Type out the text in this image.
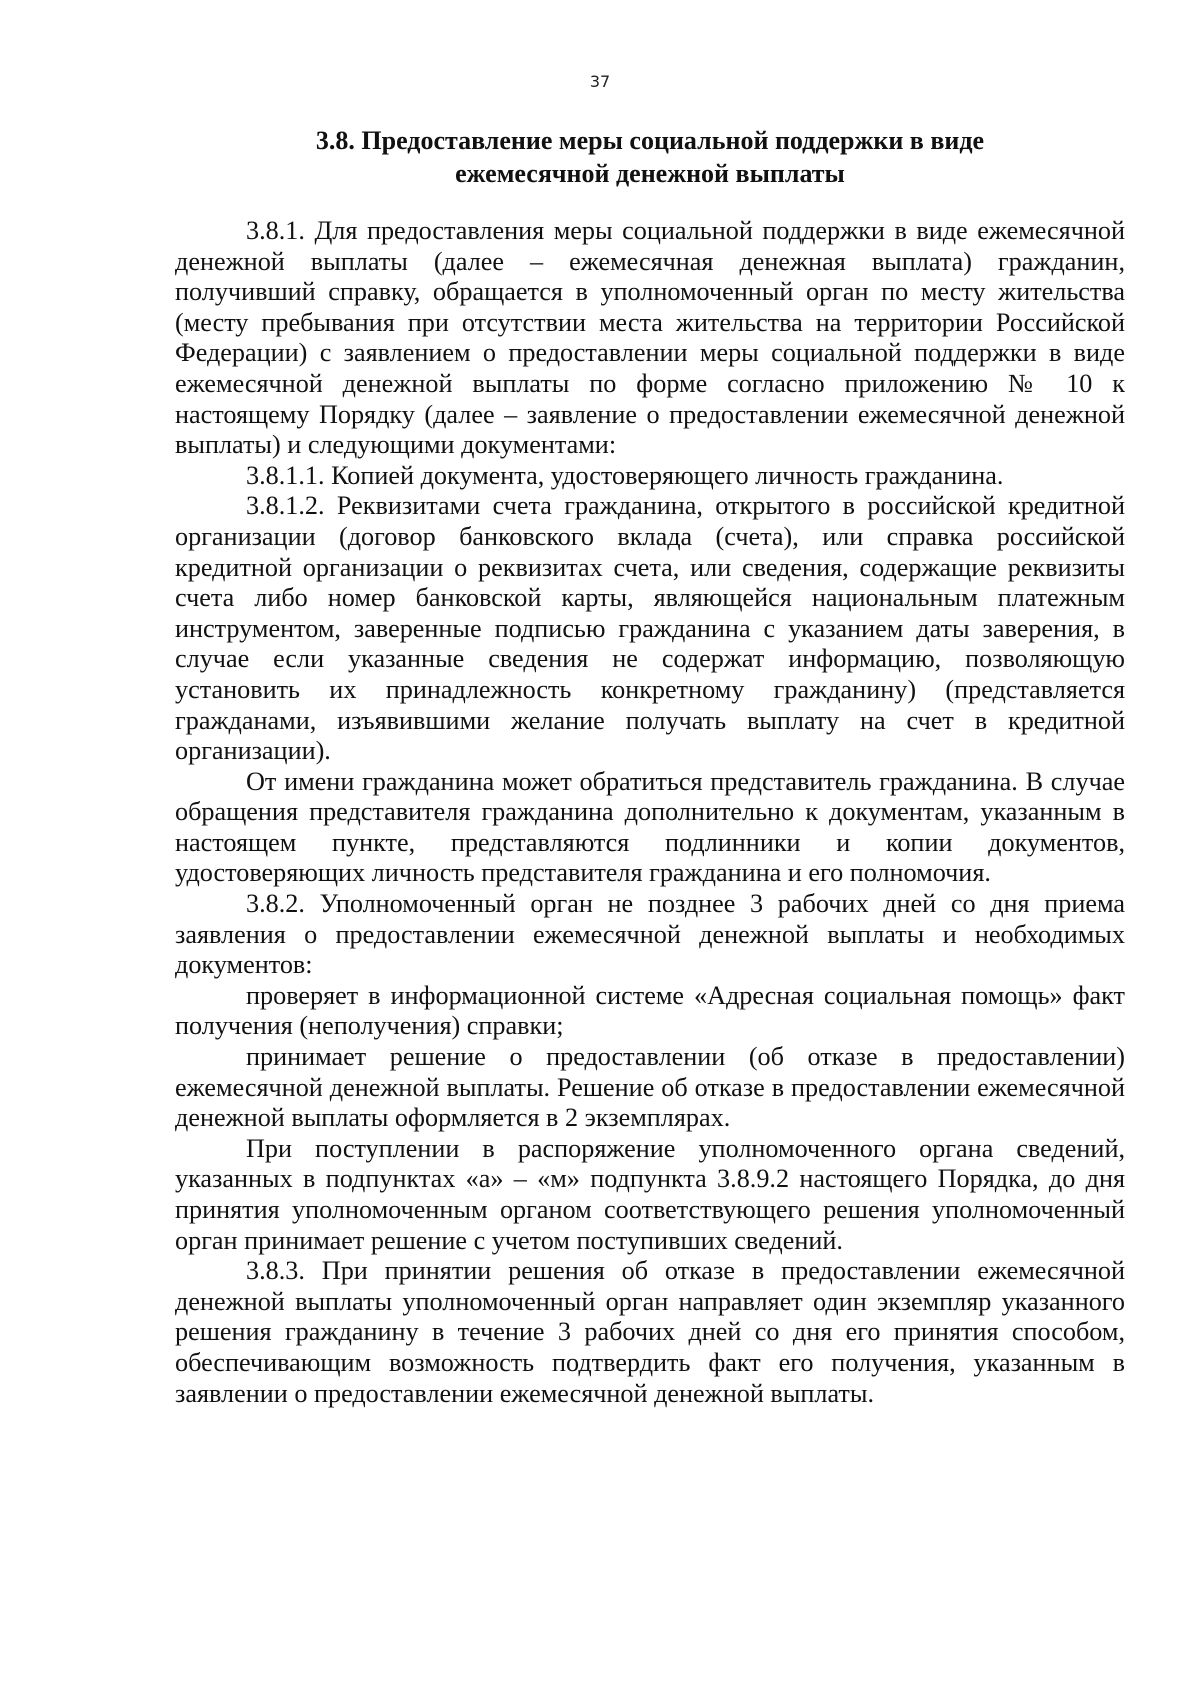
37
3.8. Предоставление меры социальной поддержки в виде
ежемесячной денежной выплаты

3.8.1. Для предоставления меры социальной поддержки в виде ежемесячной денежной выплаты (далее – ежемесячная денежная выплата) гражданин, получивший справку, обращается в уполномоченный орган по месту жительства (месту пребывания при отсутствии места жительства на территории Российской Федерации) с заявлением о предоставлении меры социальной поддержки в виде ежемесячной денежной выплаты по форме согласно приложению № 10 к настоящему Порядку (далее – заявление о предоставлении ежемесячной денежной выплаты) и следующими документами:

3.8.1.1. Копией документа, удостоверяющего личность гражданина.

3.8.1.2. Реквизитами счета гражданина, открытого в российской кредитной организации (договор банковского вклада (счета), или справка российской кредитной организации о реквизитах счета, или сведения, содержащие реквизиты счета либо номер банковской карты, являющейся национальным платежным инструментом, заверенные подписью гражданина с указанием даты заверения, в случае если указанные сведения не содержат информацию, позволяющую установить их принадлежность конкретному гражданину) (представляется гражданами, изъявившими желание получать выплату на счет в кредитной организации).

От имени гражданина может обратиться представитель гражданина. В случае обращения представителя гражданина дополнительно к документам, указанным в настоящем пункте, представляются подлинники и копии документов, удостоверяющих личность представителя гражданина и его полномочия.

3.8.2. Уполномоченный орган не позднее 3 рабочих дней со дня приема заявления о предоставлении ежемесячной денежной выплаты и необходимых документов:

проверяет в информационной системе «Адресная социальная помощь» факт получения (неполучения) справки;

принимает решение о предоставлении (об отказе в предоставлении) ежемесячной денежной выплаты. Решение об отказе в предоставлении ежемесячной денежной выплаты оформляется в 2 экземплярах.

При поступлении в распоряжение уполномоченного органа сведений, указанных в подпунктах «а» – «м» подпункта 3.8.9.2 настоящего Порядка, до дня принятия уполномоченным органом соответствующего решения уполномоченный орган принимает решение с учетом поступивших сведений.

3.8.3. При принятии решения об отказе в предоставлении ежемесячной денежной выплаты уполномоченный орган направляет один экземпляр указанного решения гражданину в течение 3 рабочих дней со дня его принятия способом, обеспечивающим возможность подтвердить факт его получения, указанным в заявлении о предоставлении ежемесячной денежной выплаты.
